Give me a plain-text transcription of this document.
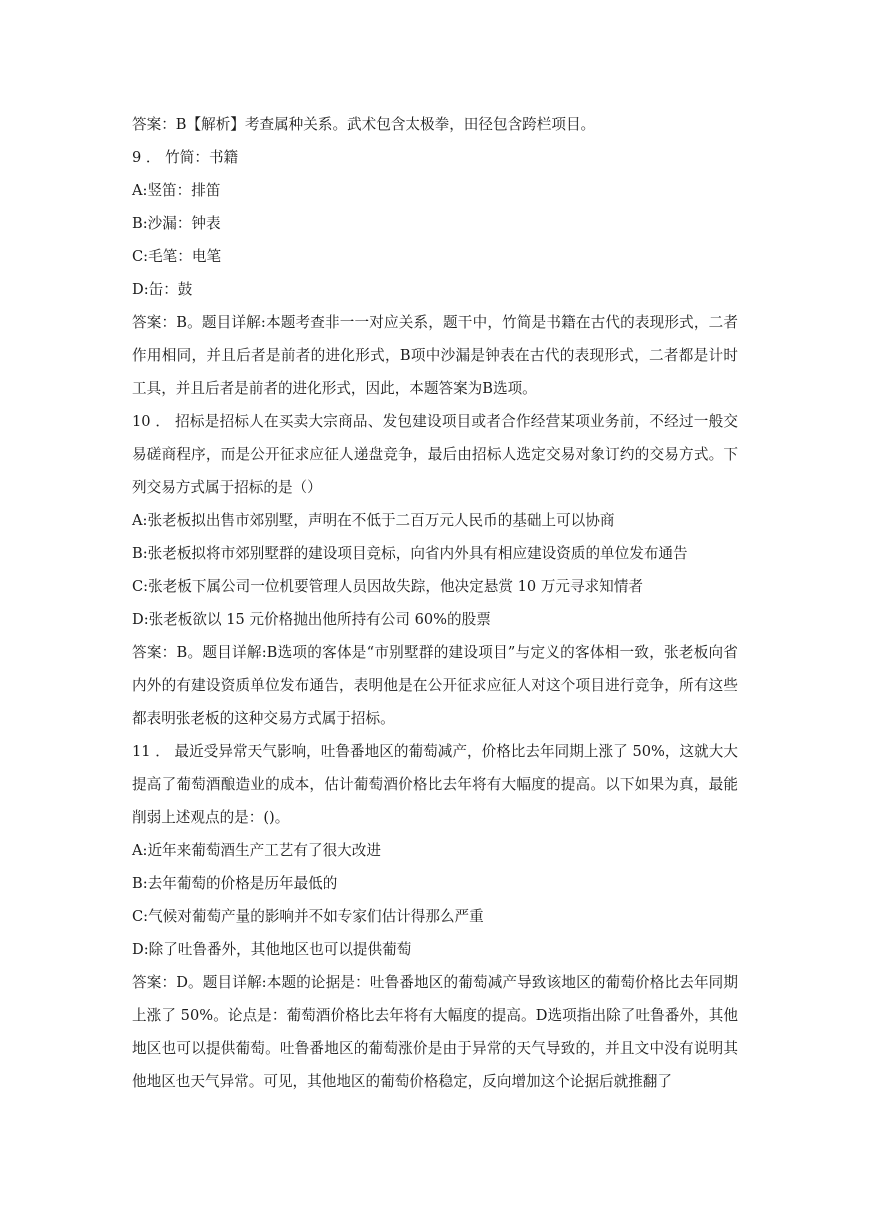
答案：B【解析】考查属种关系。武术包含太极拳，田径包含跨栏项目。

9 ． 竹简：书籍

A:竖笛：排笛

B:沙漏：钟表

C:毛笔：电笔

D:缶：鼓

答案：B。题目详解:本题考查非一一对应关系，题干中，竹简是书籍在古代的表现形式，二者作用相同，并且后者是前者的进化形式，B项中沙漏是钟表在古代的表现形式，二者都是计时工具，并且后者是前者的进化形式，因此，本题答案为B选项。

10 ． 招标是招标人在买卖大宗商品、发包建设项目或者合作经营某项业务前，不经过一般交易磋商程序，而是公开征求应征人递盘竞争，最后由招标人选定交易对象订约的交易方式。下列交易方式属于招标的是（）

A:张老板拟出售市郊别墅，声明在不低于二百万元人民币的基础上可以协商

B:张老板拟将市郊别墅群的建设项目竞标，向省内外具有相应建设资质的单位发布通告

C:张老板下属公司一位机要管理人员因故失踪，他决定悬赏 10 万元寻求知情者

D:张老板欲以 15 元价格抛出他所持有公司 60%的股票

答案：B。题目详解:B选项的客体是“市别墅群的建设项目”与定义的客体相一致，张老板向省内外的有建设资质单位发布通告，表明他是在公开征求应征人对这个项目进行竞争，所有这些都表明张老板的这种交易方式属于招标。

11 ． 最近受异常天气影响，吐鲁番地区的葡萄减产，价格比去年同期上涨了 50%，这就大大提高了葡萄酒酿造业的成本，估计葡萄酒价格比去年将有大幅度的提高。以下如果为真，最能削弱上述观点的是：()。

A:近年来葡萄酒生产工艺有了很大改进

B:去年葡萄的价格是历年最低的

C:气候对葡萄产量的影响并不如专家们估计得那么严重

D:除了吐鲁番外，其他地区也可以提供葡萄

答案：D。题目详解:本题的论据是：吐鲁番地区的葡萄减产导致该地区的葡萄价格比去年同期上涨了 50%。论点是：葡萄酒价格比去年将有大幅度的提高。D选项指出除了吐鲁番外，其他地区也可以提供葡萄。吐鲁番地区的葡萄涨价是由于异常的天气导致的，并且文中没有说明其他地区也天气异常。可见，其他地区的葡萄价格稳定，反向增加这个论据后就推翻了
